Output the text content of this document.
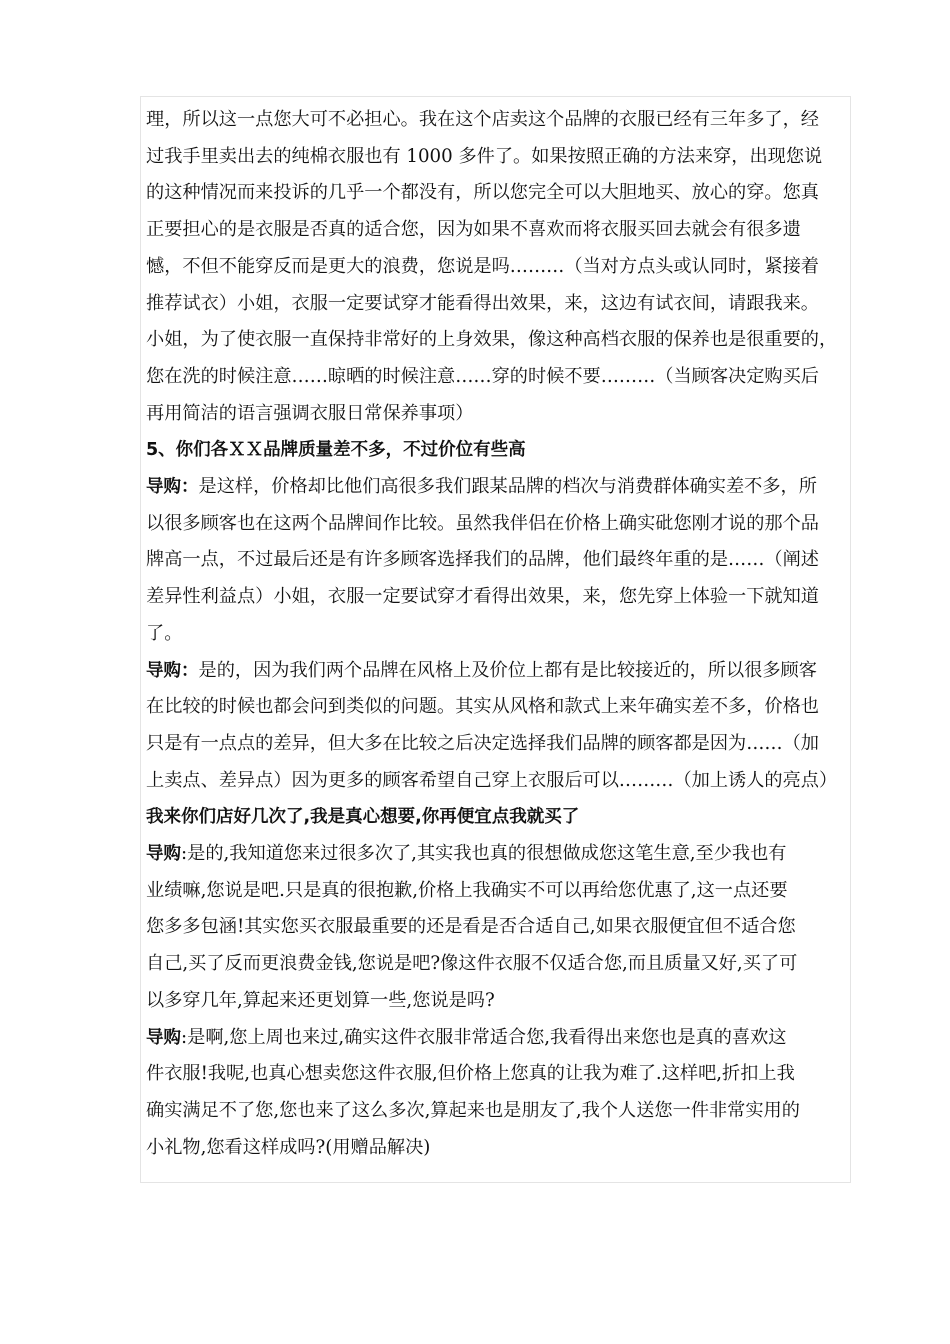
理，所以这一点您大可不必担心。我在这个店卖这个品牌的衣服已经有三年多了，经
过我手里卖出去的纯棉衣服也有 1000 多件了。如果按照正确的方法来穿，出现您说
的这种情况而来投诉的几乎一个都没有，所以您完全可以大胆地买、放心的穿。您真
正要担心的是衣服是否真的适合您，因为如果不喜欢而将衣服买回去就会有很多遗
憾，不但不能穿反而是更大的浪费，您说是吗………（当对方点头或认同时，紧接着
推荐试衣）小姐，衣服一定要试穿才能看得出效果，来，这边有试衣间，请跟我来。
小姐，为了使衣服一直保持非常好的上身效果，像这种高档衣服的保养也是很重要的，
您在洗的时候注意……晾晒的时候注意……穿的时候不要………（当顾客决定购买后
再用简洁的语言强调衣服日常保养事项）

5、你们各ＸＸ品牌质量差不多，不过价位有些高

导购：是这样，价格却比他们高很多我们跟某品牌的档次与消费群体确实差不多，所
以很多顾客也在这两个品牌间作比较。虽然我伴侣在价格上确实砒您刚才说的那个品
牌高一点，不过最后还是有许多顾客选择我们的品牌，他们最终年重的是……（阐述
差异性利益点）小姐，衣服一定要试穿才看得出效果，来，您先穿上体验一下就知道
了。

导购：是的，因为我们两个品牌在风格上及价位上都有是比较接近的，所以很多顾客
在比较的时候也都会问到类似的问题。其实从风格和款式上来年确实差不多，价格也
只是有一点点的差异，但大多在比较之后决定选择我们品牌的顾客都是因为……（加
上卖点、差异点）因为更多的顾客希望自己穿上衣服后可以………（加上诱人的亮点）

我来你们店好几次了,我是真心想要,你再便宜点我就买了

导购:是的,我知道您来过很多次了,其实我也真的很想做成您这笔生意,至少我也有
业绩嘛,您说是吧.只是真的很抱歉,价格上我确实不可以再给您优惠了,这一点还要
您多多包涵!其实您买衣服最重要的还是看是否合适自己,如果衣服便宜但不适合您
自己,买了反而更浪费金钱,您说是吧?像这件衣服不仅适合您,而且质量又好,买了可
以多穿几年,算起来还更划算一些,您说是吗?

导购:是啊,您上周也来过,确实这件衣服非常适合您,我看得出来您也是真的喜欢这
件衣服!我呢,也真心想卖您这件衣服,但价格上您真的让我为难了.这样吧,折扣上我
确实满足不了您,您也来了这么多次,算起来也是朋友了,我个人送您一件非常实用的
小礼物,您看这样成吗?(用赠品解决)
